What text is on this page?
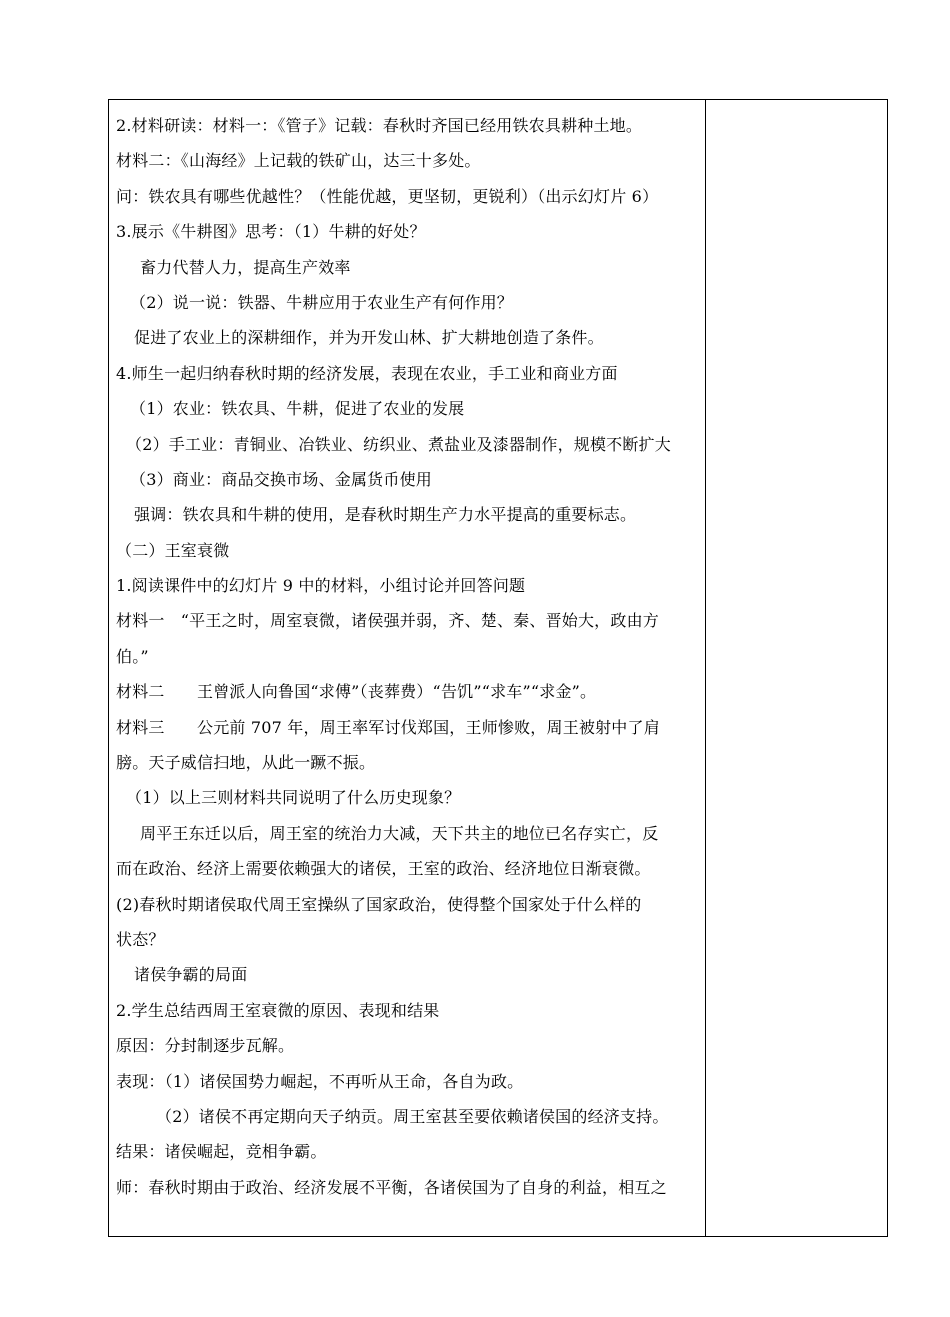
2.材料研读：材料一：《管子》记载：春秋时齐国已经用铁农具耕种土地。
材料二：《山海经》上记载的铁矿山，达三十多处。
问：铁农具有哪些优越性？（性能优越，更坚韧，更锐利）（出示幻灯片 6）
3.展示《牛耕图》思考：（1）牛耕的好处？
畜力代替人力，提高生产效率
（2）说一说：铁器、牛耕应用于农业生产有何作用？
促进了农业上的深耕细作，并为开发山林、扩大耕地创造了条件。
4.师生一起归纳春秋时期的经济发展，表现在农业，手工业和商业方面
（1）农业：铁农具、牛耕，促进了农业的发展
（2）手工业：青铜业、冶铁业、纺织业、煮盐业及漆器制作，规模不断扩大
（3）商业：商品交换市场、金属货币使用
强调：铁农具和牛耕的使用，是春秋时期生产力水平提高的重要标志。
（二）王室衰微
1.阅读课件中的幻灯片 9 中的材料，小组讨论并回答问题
材料一　“平王之时，周室衰微，诸侯强并弱，齐、楚、秦、晋始大，政由方
伯。”
材料二　　王曾派人向鲁国“求傅”（丧葬费）“告饥”“求车”“求金”。
材料三　　公元前 707 年，周王率军讨伐郑国，王师惨败，周王被射中了肩
膀。天子威信扫地，从此一蹶不振。
（1）以上三则材料共同说明了什么历史现象？
周平王东迁以后，周王室的统治力大减，天下共主的地位已名存实亡，反
而在政治、经济上需要依赖强大的诸侯，王室的政治、经济地位日渐衰微。
(2)春秋时期诸侯取代周王室操纵了国家政治，使得整个国家处于什么样的
状态？
诸侯争霸的局面
2.学生总结西周王室衰微的原因、表现和结果
原因：分封制逐步瓦解。
表现：（1）诸侯国势力崛起，不再听从王命，各自为政。
（2）诸侯不再定期向天子纳贡。周王室甚至要依赖诸侯国的经济支持。
结果：诸侯崛起，竞相争霸。
师：春秋时期由于政治、经济发展不平衡，各诸侯国为了自身的利益，相互之
